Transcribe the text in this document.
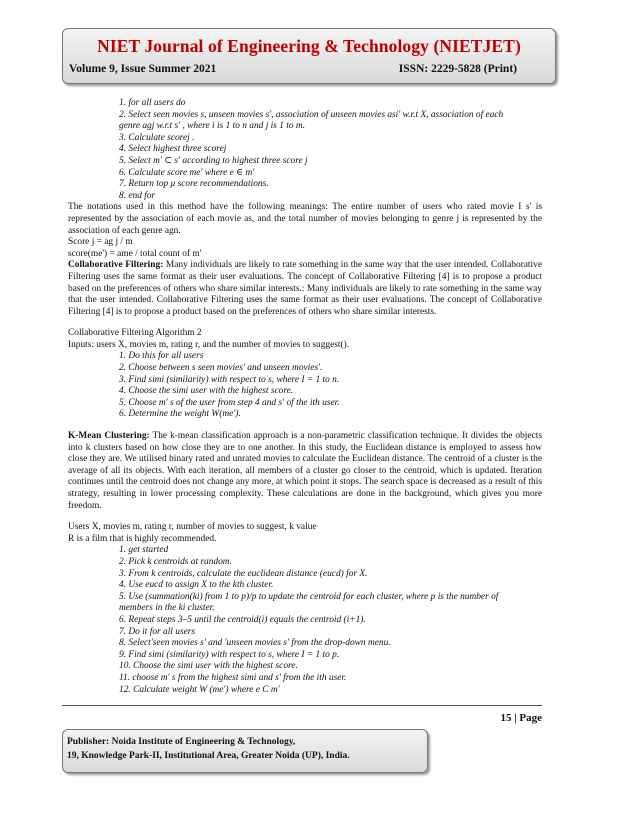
NIET Journal of Engineering & Technology (NIETJET)
Volume 9, Issue Summer 2021	ISSN: 2229-5828 (Print)
1. for all users do
2. Select seen movies s, unseen movies s', association of unseen movies asi' w.r.t X, association of each
genre agj w.r.t s' , where i is 1 to n and j is 1 to m.
3. Calculate scorej .
4. Select highest three scorej
5. Select m' ⊂ s' according to highest three score j
6. Calculate score me' where e ∈ m'
7. Return top μ score recommendations.
8. end for
The notations used in this method have the following meanings: The entire number of users who rated movie I s' is represented by the association of each movie as, and the total number of movies belonging to genre j is represented by the association of each genre agn.
Score j = ag j / m
score(me') = ame / total count of m'
Collaborative Filtering: Many individuals are likely to rate something in the same way that the user intended. Collaborative Filtering uses the same format as their user evaluations. The concept of Collaborative Filtering [4] is to propose a product based on the preferences of others who share similar interests.: Many individuals are likely to rate something in the same way that the user intended. Collaborative Filtering uses the same format as their user evaluations. The concept of Collaborative Filtering [4] is to propose a product based on the preferences of others who share similar interests.
Collaborative Filtering Algorithm 2
Inputs: users X, movies m, rating r, and the number of movies to suggest().
1. Do this for all users
2. Choose between s seen movies' and unseen movies'.
3. Find simi (similarity) with respect to s, where I = 1 to n.
4. Choose the simi user with the highest score.
5. Choose m' s of the user from step 4 and s' of the ith user.
6. Determine the weight W(me').
K-Mean Clustering: The k-mean classification approach is a non-parametric classification technique. It divides the objects into k clusters based on how close they are to one another. In this study, the Euclidean distance is employed to assess how close they are. We utilised binary rated and unrated movies to calculate the Euclidean distance. The centroid of a cluster is the average of all its objects. With each iteration, all members of a cluster go closer to the centroid, which is updated. Iteration continues until the centroid does not change any more, at which point it stops. The search space is decreased as a result of this strategy, resulting in lower processing complexity. These calculations are done in the background, which gives you more freedom.
Users X, movies m, rating r, number of movies to suggest, k value
R is a film that is highly recommended.
1. get started
2. Pick k centroids at random.
3. From k centroids, calculate the euclidean distance (eucd) for X.
4. Use eucd to assign X to the kth cluster.
5. Use (summation(ki) from 1 to p)/p to update the centroid for each cluster, where p is the number of
members in the ki cluster.
6. Repeat steps 3–5 until the centroid(i) equals the centroid (i+1).
7. Do it for all users
8. Select'seen movies s' and 'unseen movies s' from the drop-down menu.
9. Find simi (similarity) with respect to s, where I = 1 to p.
10. Choose the simi user with the highest score.
11. choose m' s from the highest simi and s' from the ith user.
12. Calculate weight W (me') where e C m'
15 | Page
Publisher: Noida Institute of Engineering & Technology,
19, Knowledge Park-II, Institutional Area, Greater Noida (UP), India.
